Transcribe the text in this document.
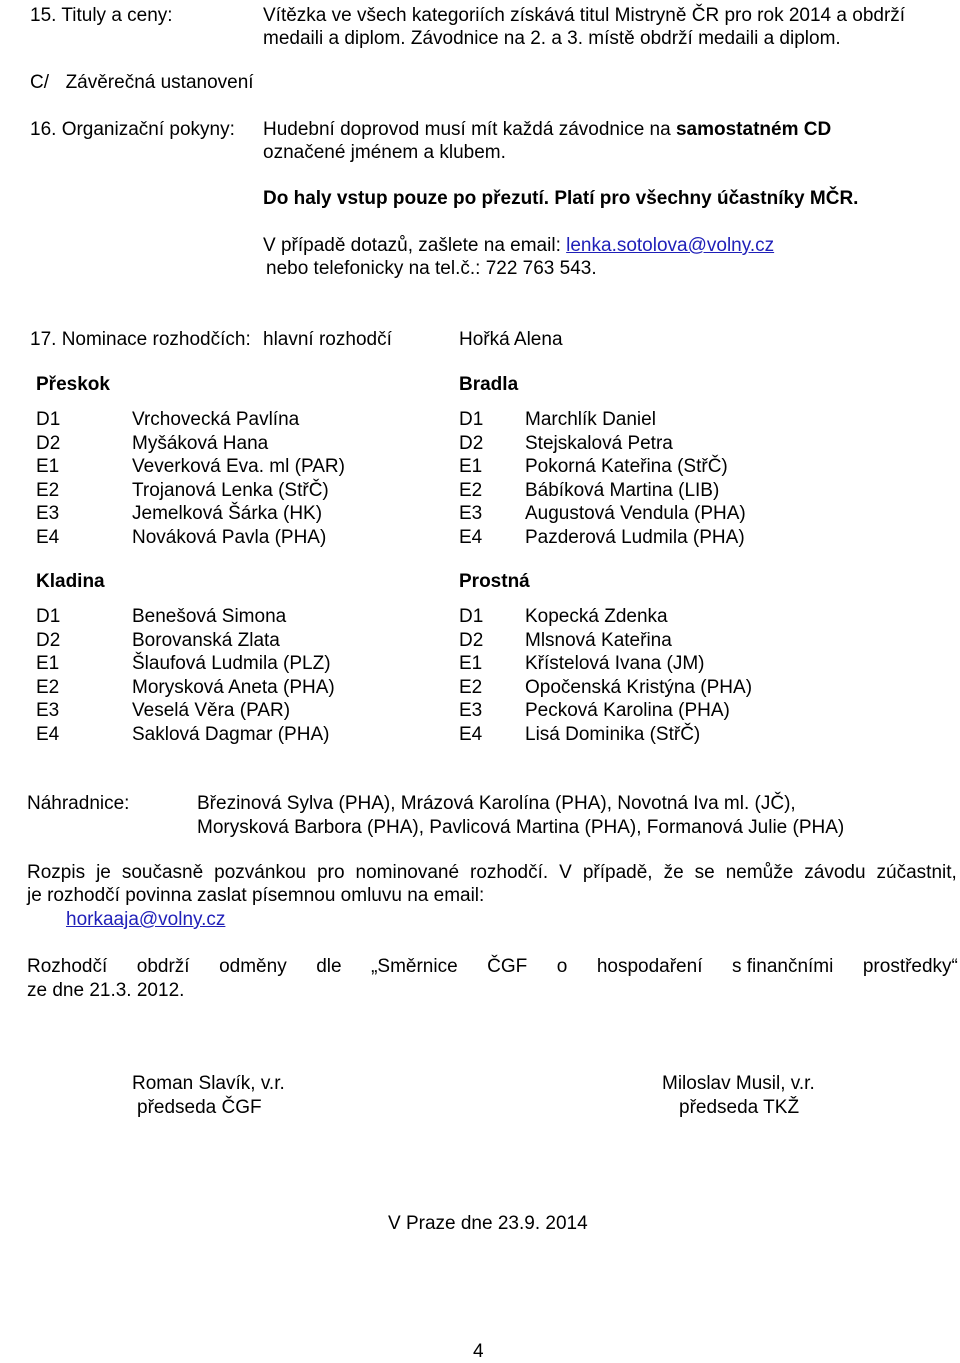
15. Tituly a ceny:	Vítězka ve všech kategoriích získává titul Mistryně ČR pro rok 2014 a obdrží
medaili a diplom. Závodnice na 2. a 3. místě obdrží medaili a diplom.
C/ Závěrečná ustanovení
16. Organizační pokyny: Hudební doprovod musí mít každá závodnice na samostatném CD
označené jménem a klubem.
Do haly vstup pouze po přezutí. Platí pro všechny účastníky MČR.
V případě dotazů, zašlete na email: lenka.sotolova@volny.cz
nebo telefonicky na tel.č.: 722 763 543.
17. Nominace rozhodčích: hlavní rozhodčí	Hořká Alena
Přeskok
D1	Vrchovecká Pavlína
D2	Myšáková Hana
E1	Veverková Eva. ml (PAR)
E2	Trojanová Lenka (StřČ)
E3	Jemelková Šárka (HK)
E4	Nováková Pavla (PHA)
Bradla
D1 Marchlík Daniel
D2 Stejskalová Petra
E1 Pokorná Kateřina (StřČ)
E2 Bábíková Martina (LIB)
E3 Augustová Vendula (PHA)
E4 Pazderová Ludmila (PHA)
Kladina
D1	Benešová Simona
D2	Borovanská Zlata
E1	Šlaufová Ludmila (PLZ)
E2	Morysková Aneta (PHA)
E3	Veselá Věra (PAR)
E4	Saklová Dagmar (PHA)
Prostná
D1 Kopecká Zdenka
D2 Mlsnová Kateřina
E1 Křístelová Ivana (JM)
E2 Opočenská Kristýna (PHA)
E3 Pecková Karolina (PHA)
E4 Lisá Dominika (StřČ)
Náhradnice:	Březinová Sylva (PHA), Mrázová Karolína (PHA), Novotná Iva ml. (JČ),
Morysková Barbora (PHA), Pavlicová Martina (PHA), Formanová Julie (PHA)
Rozpis je současně pozvánkou pro nominované rozhodčí. V případě, že se nemůže závodu zúčastnit,
je rozhodčí povinna zaslat písemnou omluvu na email:
horkaaja@volny.cz
Rozhodčí obdrží odměny dle „Směrnice ČGF o hospodaření s finančními prostředky“
ze dne 21.3. 2012.
Roman Slavík, v.r.
předseda ČGF
Miloslav Musil, v.r.
předseda TKŽ
V Praze dne 23.9. 2014
4
